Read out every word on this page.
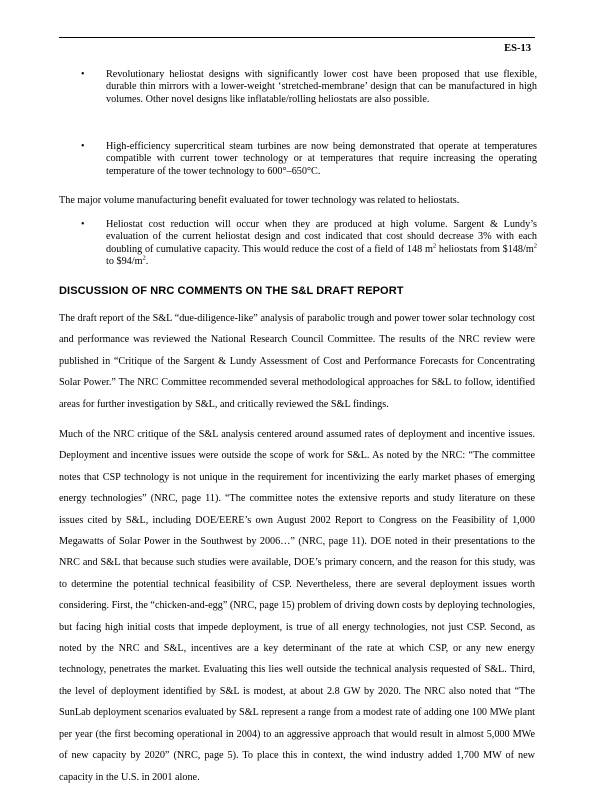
ES-13
• Revolutionary heliostat designs with significantly lower cost have been proposed that use flexible, durable thin mirrors with a lower-weight ‘stretched-membrane’ design that can be manufactured in high volumes. Other novel designs like inflatable/rolling heliostats are also possible.
• High-efficiency supercritical steam turbines are now being demonstrated that operate at temperatures compatible with current tower technology or at temperatures that require increasing the operating temperature of the tower technology to 600°–650°C.
The major volume manufacturing benefit evaluated for tower technology was related to heliostats.
• Heliostat cost reduction will occur when they are produced at high volume. Sargent & Lundy’s evaluation of the current heliostat design and cost indicated that cost should decrease 3% with each doubling of cumulative capacity. This would reduce the cost of a field of 148 $m^2$ heliostats from $\$148/m^2$ to $\$94/m^2$.
DISCUSSION OF NRC COMMENTS ON THE S&L DRAFT REPORT
The draft report of the S&L “due-diligence-like” analysis of parabolic trough and power tower solar technology cost and performance was reviewed the National Research Council Committee. The results of the NRC review were published in “Critique of the Sargent & Lundy Assessment of Cost and Performance Forecasts for Concentrating Solar Power.” The NRC Committee recommended several methodological approaches for S&L to follow, identified areas for further investigation by S&L, and critically reviewed the S&L findings.
Much of the NRC critique of the S&L analysis centered around assumed rates of deployment and incentive issues. Deployment and incentive issues were outside the scope of work for S&L. As noted by the NRC: “The committee notes that CSP technology is not unique in the requirement for incentivizing the early market phases of emerging energy technologies” (NRC, page 11). “The committee notes the extensive reports and study literature on these issues cited by S&L, including DOE/EERE’s own August 2002 Report to Congress on the Feasibility of 1,000 Megawatts of Solar Power in the Southwest by 2006…” (NRC, page 11). DOE noted in their presentations to the NRC and S&L that because such studies were available, DOE’s primary concern, and the reason for this study, was to determine the potential technical feasibility of CSP. Nevertheless, there are several deployment issues worth considering. First, the “chicken-and-egg” (NRC, page 15) problem of driving down costs by deploying technologies, but facing high initial costs that impede deployment, is true of all energy technologies, not just CSP. Second, as noted by the NRC and S&L, incentives are a key determinant of the rate at which CSP, or any new energy technology, penetrates the market. Evaluating this lies well outside the technical analysis requested of S&L. Third, the level of deployment identified by S&L is modest, at about 2.8 GW by 2020. The NRC also noted that “The SunLab deployment scenarios evaluated by S&L represent a range from a modest rate of adding one 100 MWe plant per year (the first becoming operational in 2004) to an aggressive approach that would result in almost 5,000 MWe of new capacity by 2020” (NRC, page 5). To place this in context, the wind industry added 1,700 MW of new capacity in the U.S. in 2001 alone.
